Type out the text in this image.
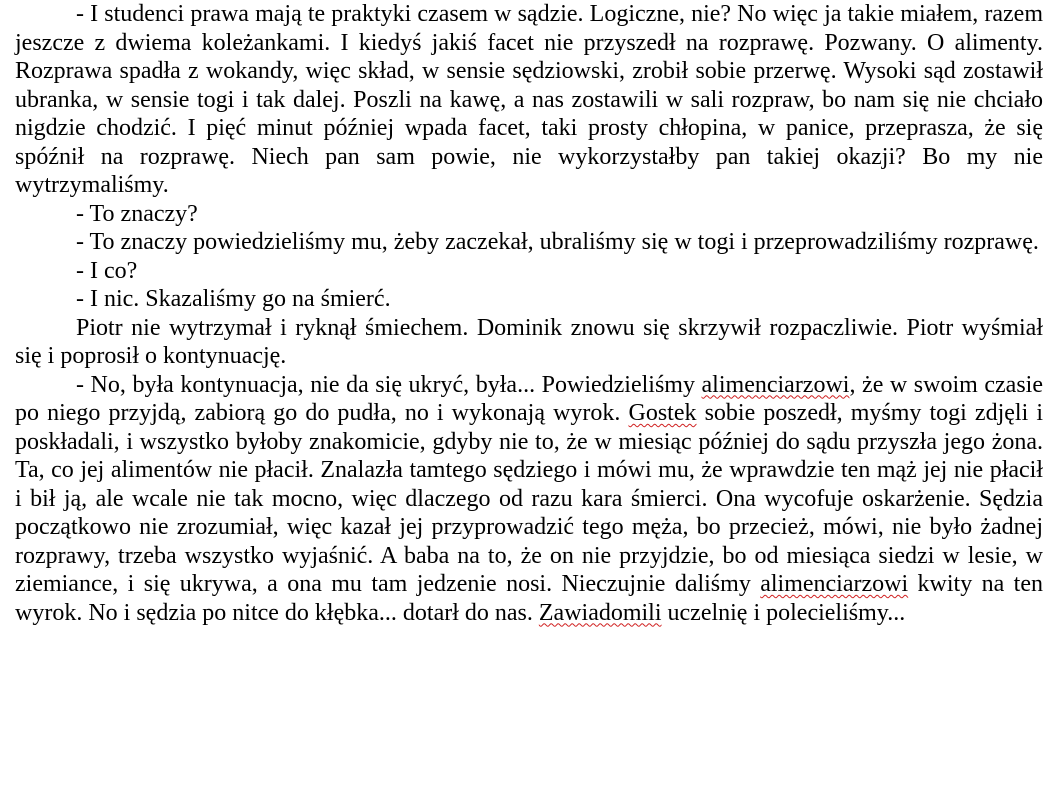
- I studenci prawa mają te praktyki czasem w sądzie. Logiczne, nie? No więc ja takie miałem, razem jeszcze z dwiema koleżankami. I kiedyś jakiś facet nie przyszedł na rozprawę. Pozwany. O alimenty. Rozprawa spadła z wokandy, więc skład, w sensie sędziowski, zrobił sobie przerwę. Wysoki sąd zostawił ubranka, w sensie togi i tak dalej. Poszli na kawę, a nas zostawili w sali rozpraw, bo nam się nie chciało nigdzie chodzić. I pięć minut później wpada facet, taki prosty chłopina, w panice, przeprasza, że się spóźnił na rozprawę. Niech pan sam powie, nie wykorzystałby pan takiej okazji? Bo my nie wytrzymaliśmy.

- To znaczy?

- To znaczy powiedzieliśmy mu, żeby zaczekał, ubraliśmy się w togi i przeprowadziliśmy rozprawę.

- I co?

- I nic. Skazaliśmy go na śmierć.

Piotr nie wytrzymał i ryknął śmiechem. Dominik znowu się skrzywił rozpaczliwie. Piotr wyśmiał się i poprosił o kontynuację.

- No, była kontynuacja, nie da się ukryć, była... Powiedzieliśmy alimenciarzowi, że w swoim czasie po niego przyjdą, zabiorą go do pudła, no i wykonają wyrok. Gostek sobie poszedł, myśmy togi zdjęli i poskładali, i wszystko byłoby znakomicie, gdyby nie to, że w miesiąc później do sądu przyszła jego żona. Ta, co jej alimentów nie płacił. Znalazła tamtego sędziego i mówi mu, że wprawdzie ten mąż jej nie płacił i bił ją, ale wcale nie tak mocno, więc dlaczego od razu kara śmierci. Ona wycofuje oskarżenie. Sędzia początkowo nie zrozumiał, więc kazał jej przyprowadzić tego męża, bo przecież, mówi, nie było żadnej rozprawy, trzeba wszystko wyjaśnić. A baba na to, że on nie przyjdzie, bo od miesiąca siedzi w lesie, w ziemiance, i się ukrywa, a ona mu tam jedzenie nosi. Nieczujnie daliśmy alimenciarzowi kwity na ten wyrok. No i sędzia po nitce do kłębka... dotarł do nas. Zawiadomili uczelnię i polecieliśmy...
